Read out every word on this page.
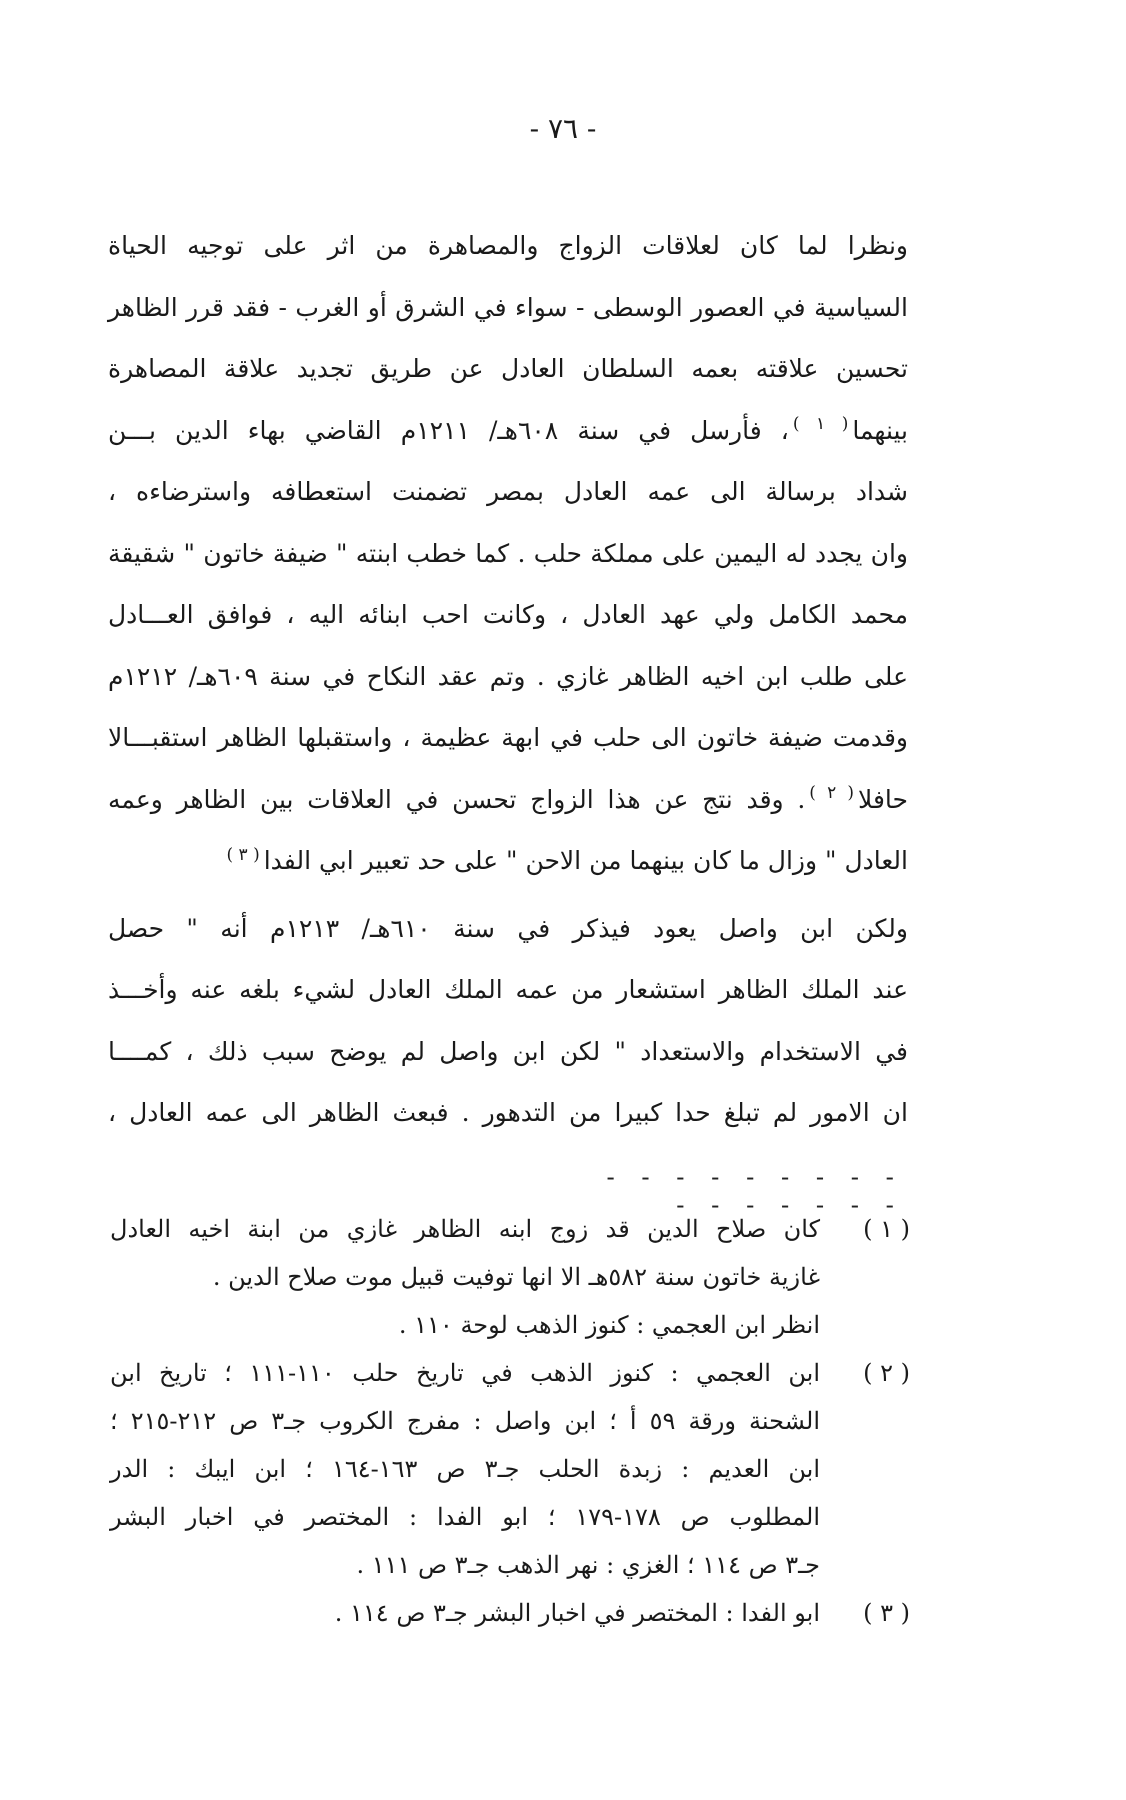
- ٧٦ -
ونظرا لما كان لعلاقات الزواج والمصاهرة من اثر على توجيه الحياة
السياسية في العصور الوسطى - سواء في الشرق أو الغرب - فقد قرر الظاهر
تحسين علاقته بعمه السلطان العادل عن طريق تجديد علاقة المصاهرة
بينهما$^{( ١ )}$، فأرسل في سنة ٦٠٨هـ/ ١٢١١م القاضي بهاء الدين بـــن
شداد برسالة الى عمه العادل بمصر تضمنت استعطافه واسترضاءه ،
وان يجدد له اليمين على مملكة حلب . كما خطب ابنته " ضيفة خاتون " شقيقة
محمد الكامل ولي عهد العادل ، وكانت احب ابنائه اليه ، فوافق العـــادل
على طلب ابن اخيه الظاهر غازي . وتم عقد النكاح في سنة ٦٠٩هـ/ ١٢١٢م
وقدمت ضيفة خاتون الى حلب في ابهة عظيمة ، واستقبلها الظاهر استقبـــالا
حافلا$^{( ٢ )}$. وقد نتج عن هذا الزواج تحسن في العلاقات بين الظاهر وعمه
العادل " وزال ما كان بينهما من الاحن " على حد تعبير ابي الفدا$^{( ٣ )}$
ولكن ابن واصل يعود فيذكر في سنة ٦١٠هـ/ ١٢١٣م أنه " حصل
عند الملك الظاهر استشعار من عمه الملك العادل لشيء بلغه عنه وأخـــذ
في الاستخدام والاستعداد " لكن ابن واصل لم يوضح سبب ذلك ، كمــــا
ان الامور لم تبلغ حدا كبيرا من التدهور . فبعث الظاهر الى عمه العادل ،
- - - - - - - - - - - - - - - -
( ١ )
كان صلاح الدين قد زوج ابنه الظاهر غازي من ابنة اخيه العادل
غازية خاتون سنة ٥٨٢هـ الا انها توفيت قبيل موت صلاح الدين .
انظر ابن العجمي : كنوز الذهب لوحة ١١٠ .
( ٢ )
ابن العجمي : كنوز الذهب في تاريخ حلب ١١٠-١١١ ؛ تاريخ ابن
الشحنة ورقة ٥٩ أ ؛ ابن واصل : مفرج الكروب جـ٣ ص ٢١٢-٢١٥ ؛
ابن العديم : زبدة الحلب جـ٣ ص ١٦٣-١٦٤ ؛ ابن ايبك : الدر
المطلوب ص ١٧٨-١٧٩ ؛ ابو الفدا : المختصر في اخبار البشر
جـ٣ ص ١١٤ ؛ الغزي : نهر الذهب جـ٣ ص ١١١ .
( ٣ )
ابو الفدا : المختصر في اخبار البشر جـ٣ ص ١١٤ .
